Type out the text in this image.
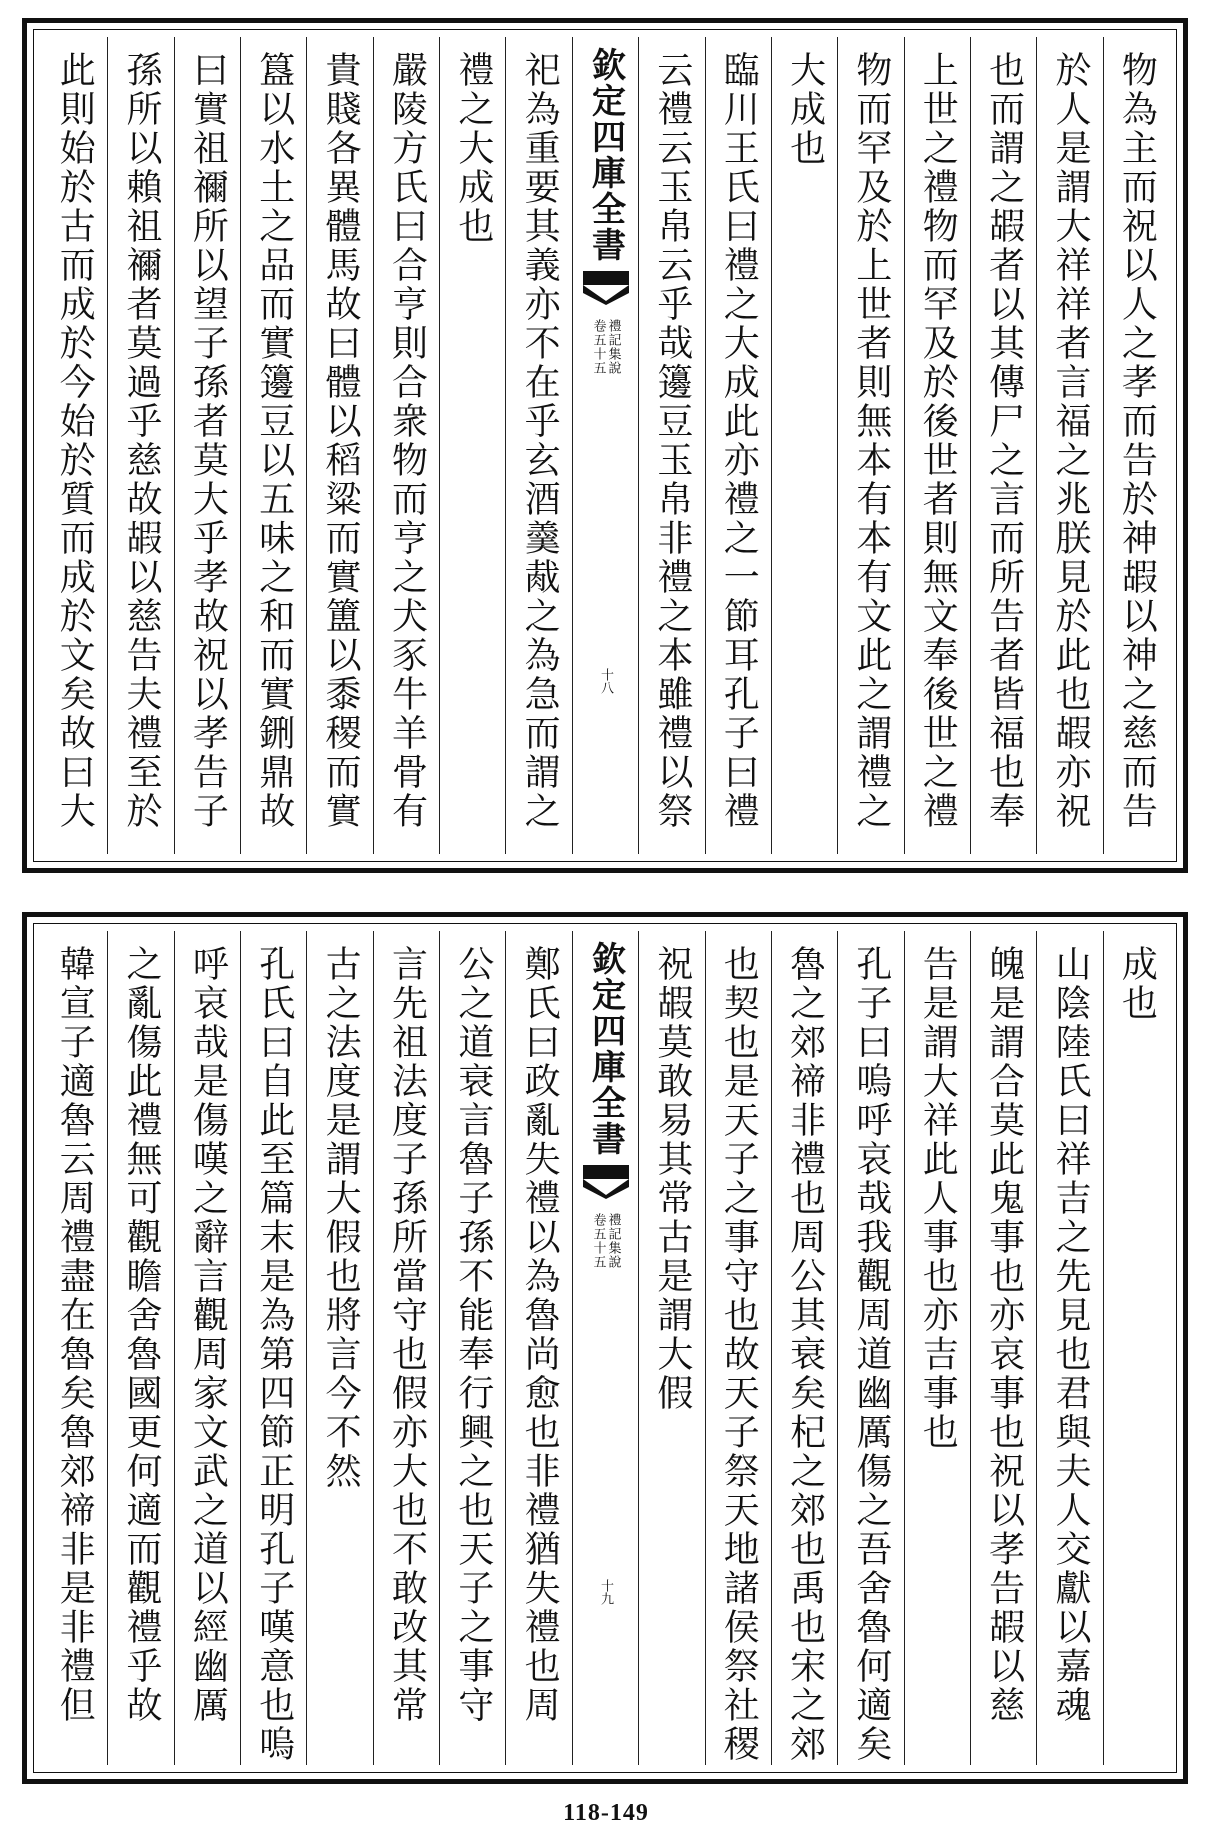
物為主而祝以人之孝而告於神嘏以神之慈而告
於人是謂大祥祥者言福之兆朕見於此也嘏亦祝
也而謂之嘏者以其傳尸之言而所告者皆福也奉
上世之禮物而罕及於後世者則無文奉後世之禮
物而罕及於上世者則無本有本有文此之謂禮之
大成也
臨川王氏曰禮之大成此亦禮之一節耳孔子曰禮
云禮云玉帛云乎哉籩豆玉帛非禮之本雖禮以祭
欽定四庫全書
禮記集說
卷五十五
十八
祀為重要其義亦不在乎玄酒羹胾之為急而謂之
禮之大成也
嚴陵方氏曰合亨則合衆物而亨之犬豕牛羊骨有
貴賤各異體馬故曰體以稻粱而實簠以黍稷而實
簋以水土之品而實籩豆以五味之和而實鉶鼎故
曰實祖禰所以望子孫者莫大乎孝故祝以孝告子
孫所以賴祖禰者莫過乎慈故嘏以慈告夫禮至於
此則始於古而成於今始於質而成於文矣故曰大
成也
山陰陸氏曰祥吉之先見也君與夫人交獻以嘉魂
魄是謂合莫此鬼事也亦哀事也祝以孝告嘏以慈
告是謂大祥此人事也亦吉事也
孔子曰嗚呼哀哉我觀周道幽厲傷之吾舍魯何適矣
魯之郊禘非禮也周公其衰矣杞之郊也禹也宋之郊
也契也是天子之事守也故天子祭天地諸侯祭社稷
祝嘏莫敢易其常古是謂大假
欽定四庫全書
禮記集說
卷五十五
十九
鄭氏曰政亂失禮以為魯尚愈也非禮猶失禮也周
公之道衰言魯子孫不能奉行興之也天子之事守
言先祖法度子孫所當守也假亦大也不敢改其常
古之法度是謂大假也將言今不然
孔氏曰自此至篇末是為第四節正明孔子嘆意也嗚
呼哀哉是傷嘆之辭言觀周家文武之道以經幽厲
之亂傷此禮無可觀瞻舍魯國更何適而觀禮乎故
韓宣子適魯云周禮盡在魯矣魯郊禘非是非禮但
118-149
